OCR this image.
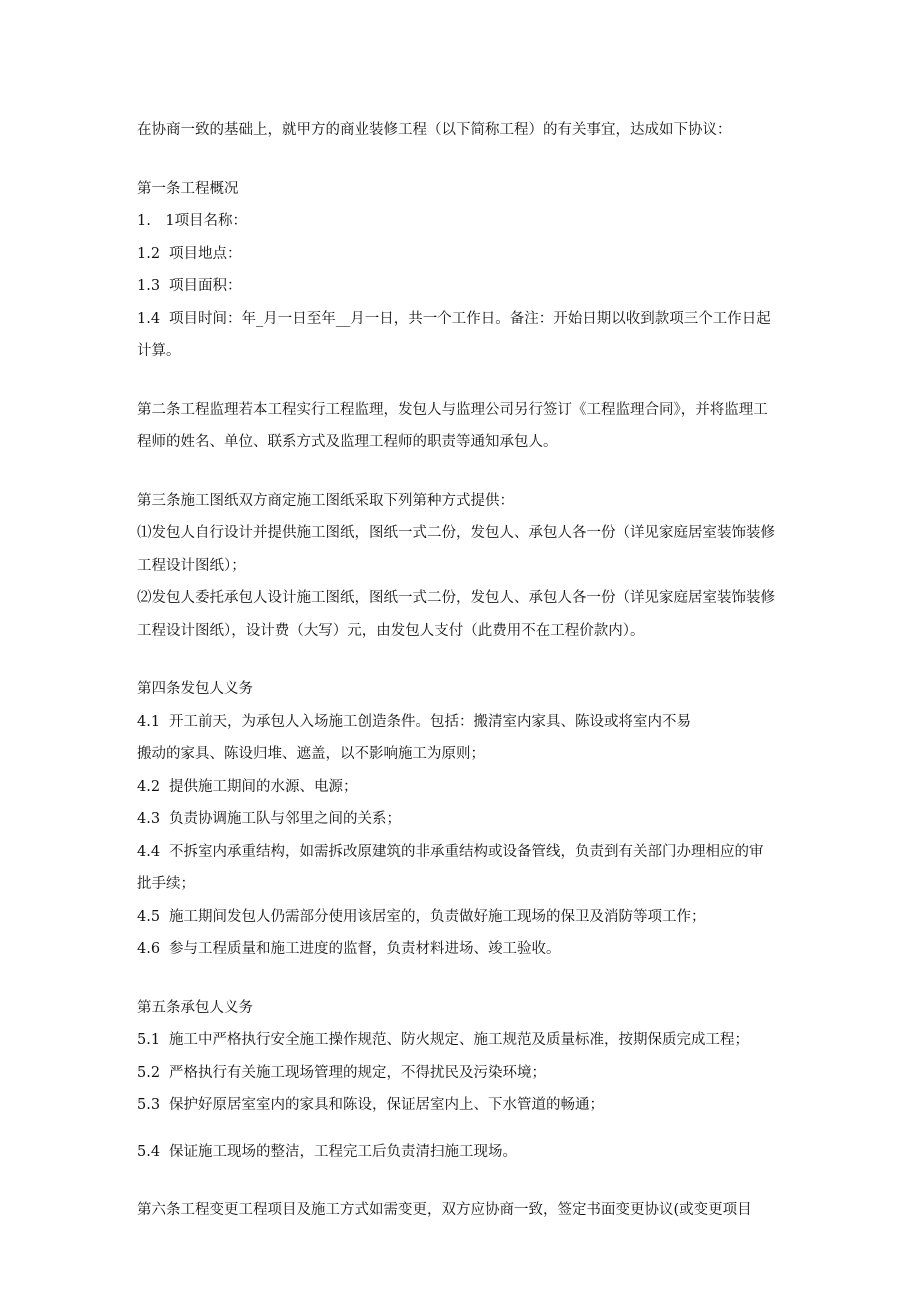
在协商一致的基础上，就甲方的商业装修工程（以下简称工程）的有关事宜，达成如下协议：
第一条工程概况
1.　1项目名称：
1.2 项目地点：
1.3 项目面积：
1.4 项目时间：年_月一日至年__月一日，共一个工作日。备注：开始日期以收到款项三个工作日起
计算。
第二条工程监理若本工程实行工程监理，发包人与监理公司另行签订《工程监理合同》，并将监理工
程师的姓名、单位、联系方式及监理工程师的职责等通知承包人。
第三条施工图纸双方商定施工图纸采取下列第种方式提供：
⑴发包人自行设计并提供施工图纸，图纸一式二份，发包人、承包人各一份（详见家庭居室装饰装修
工程设计图纸）；
⑵发包人委托承包人设计施工图纸，图纸一式二份，发包人、承包人各一份（详见家庭居室装饰装修
工程设计图纸），设计费（大写）元，由发包人支付（此费用不在工程价款内）。
第四条发包人义务
4.1 开工前天，为承包人入场施工创造条件。包括：搬清室内家具、陈设或将室内不易
搬动的家具、陈设归堆、遮盖，以不影响施工为原则；
4.2 提供施工期间的水源、电源；
4.3 负责协调施工队与邻里之间的关系；
4.4 不拆室内承重结构，如需拆改原建筑的非承重结构或设备管线，负责到有关部门办理相应的审
批手续；
4.5 施工期间发包人仍需部分使用该居室的，负责做好施工现场的保卫及消防等项工作；
4.6 参与工程质量和施工进度的监督，负责材料进场、竣工验收。
第五条承包人义务
5.1 施工中严格执行安全施工操作规范、防火规定、施工规范及质量标准，按期保质完成工程；
5.2 严格执行有关施工现场管理的规定，不得扰民及污染环境；
5.3 保护好原居室室内的家具和陈设，保证居室内上、下水管道的畅通；
5.4 保证施工现场的整洁，工程完工后负责清扫施工现场。
第六条工程变更工程项目及施工方式如需变更，双方应协商一致，签定书面变更协议(或变更项目
